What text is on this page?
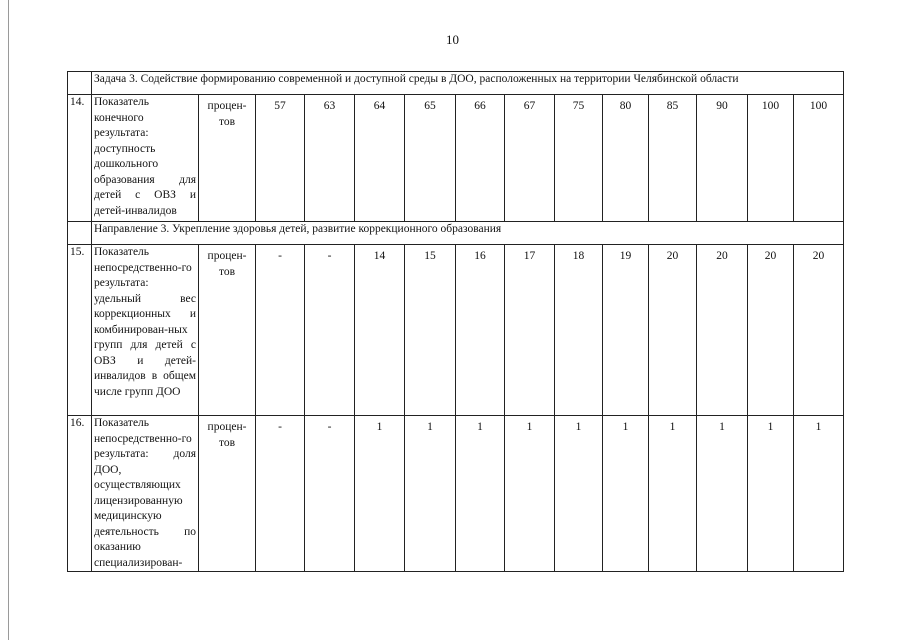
10
	Задача 3. Содействие формированию современной и доступной среды в ДОО, расположенных на территории Челябинской области													
14.	Показатель конечного результата: доступность дошкольного образования для детей с ОВЗ и детей-инвалидов	процен-тов	57	63	64	65	66	67	75	80	85	90	100	100
	Направление 3. Укрепление здоровья детей, развитие коррекционного образования													
15.	Показатель непосредственно-го результата: удельный вес коррекционных и комбинирован-ных групп для детей с ОВЗ и детей-инвалидов в общем числе групп ДОО	процен-тов	-	-	14	15	16	17	18	19	20	20	20	20
16.	Показатель непосредственно-го результата: доля ДОО, осуществляющих лицензированную медицинскую деятельность по оказанию специализирован-	процен-тов	-	-	1	1	1	1	1	1	1	1	1	1
